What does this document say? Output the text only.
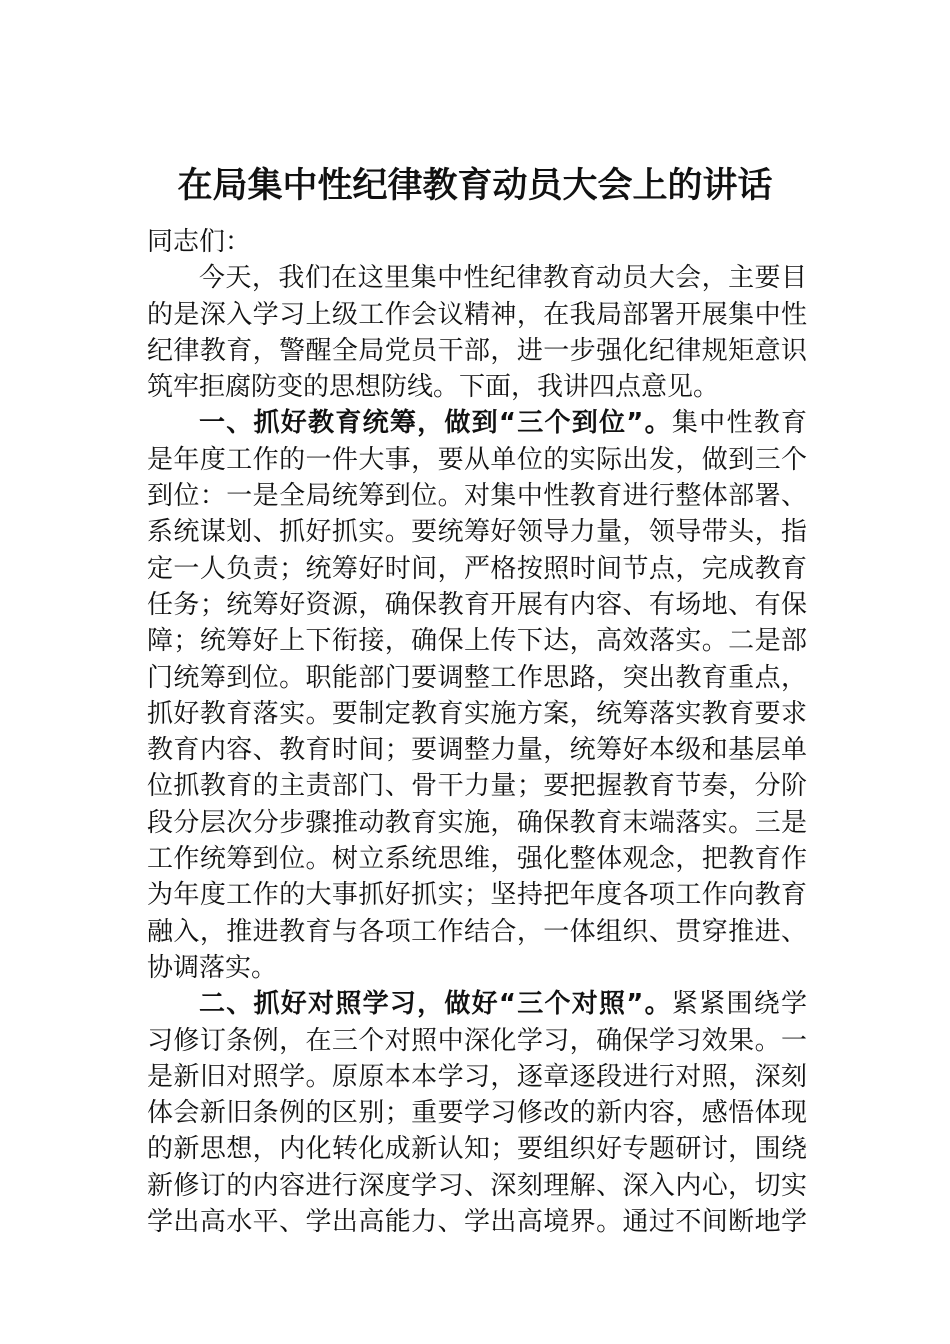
在局集中性纪律教育动员大会上的讲话
同志们：
今天，我们在这里集中性纪律教育动员大会，主要目
的是深入学习上级工作会议精神，在我局部署开展集中性
纪律教育，警醒全局党员干部，进一步强化纪律规矩意识
筑牢拒腐防变的思想防线。下面，我讲四点意见。
一、抓好教育统筹，做到“三个到位”。集中性教育
是年度工作的一件大事，要从单位的实际出发，做到三个
到位：一是全局统筹到位。对集中性教育进行整体部署、
系统谋划、抓好抓实。要统筹好领导力量，领导带头，指
定一人负责；统筹好时间，严格按照时间节点，完成教育
任务；统筹好资源，确保教育开展有内容、有场地、有保
障；统筹好上下衔接，确保上传下达，高效落实。二是部
门统筹到位。职能部门要调整工作思路，突出教育重点，
抓好教育落实。要制定教育实施方案，统筹落实教育要求
教育内容、教育时间；要调整力量，统筹好本级和基层单
位抓教育的主责部门、骨干力量；要把握教育节奏，分阶
段分层次分步骤推动教育实施，确保教育末端落实。三是
工作统筹到位。树立系统思维，强化整体观念，把教育作
为年度工作的大事抓好抓实；坚持把年度各项工作向教育
融入，推进教育与各项工作结合，一体组织、贯穿推进、
协调落实。
二、抓好对照学习，做好“三个对照”。紧紧围绕学
习修订条例，在三个对照中深化学习，确保学习效果。一
是新旧对照学。原原本本学习，逐章逐段进行对照，深刻
体会新旧条例的区别；重要学习修改的新内容，感悟体现
的新思想，内化转化成新认知；要组织好专题研讨，围绕
新修订的内容进行深度学习、深刻理解、深入内心，切实
学出高水平、学出高能力、学出高境界。通过不间断地学
